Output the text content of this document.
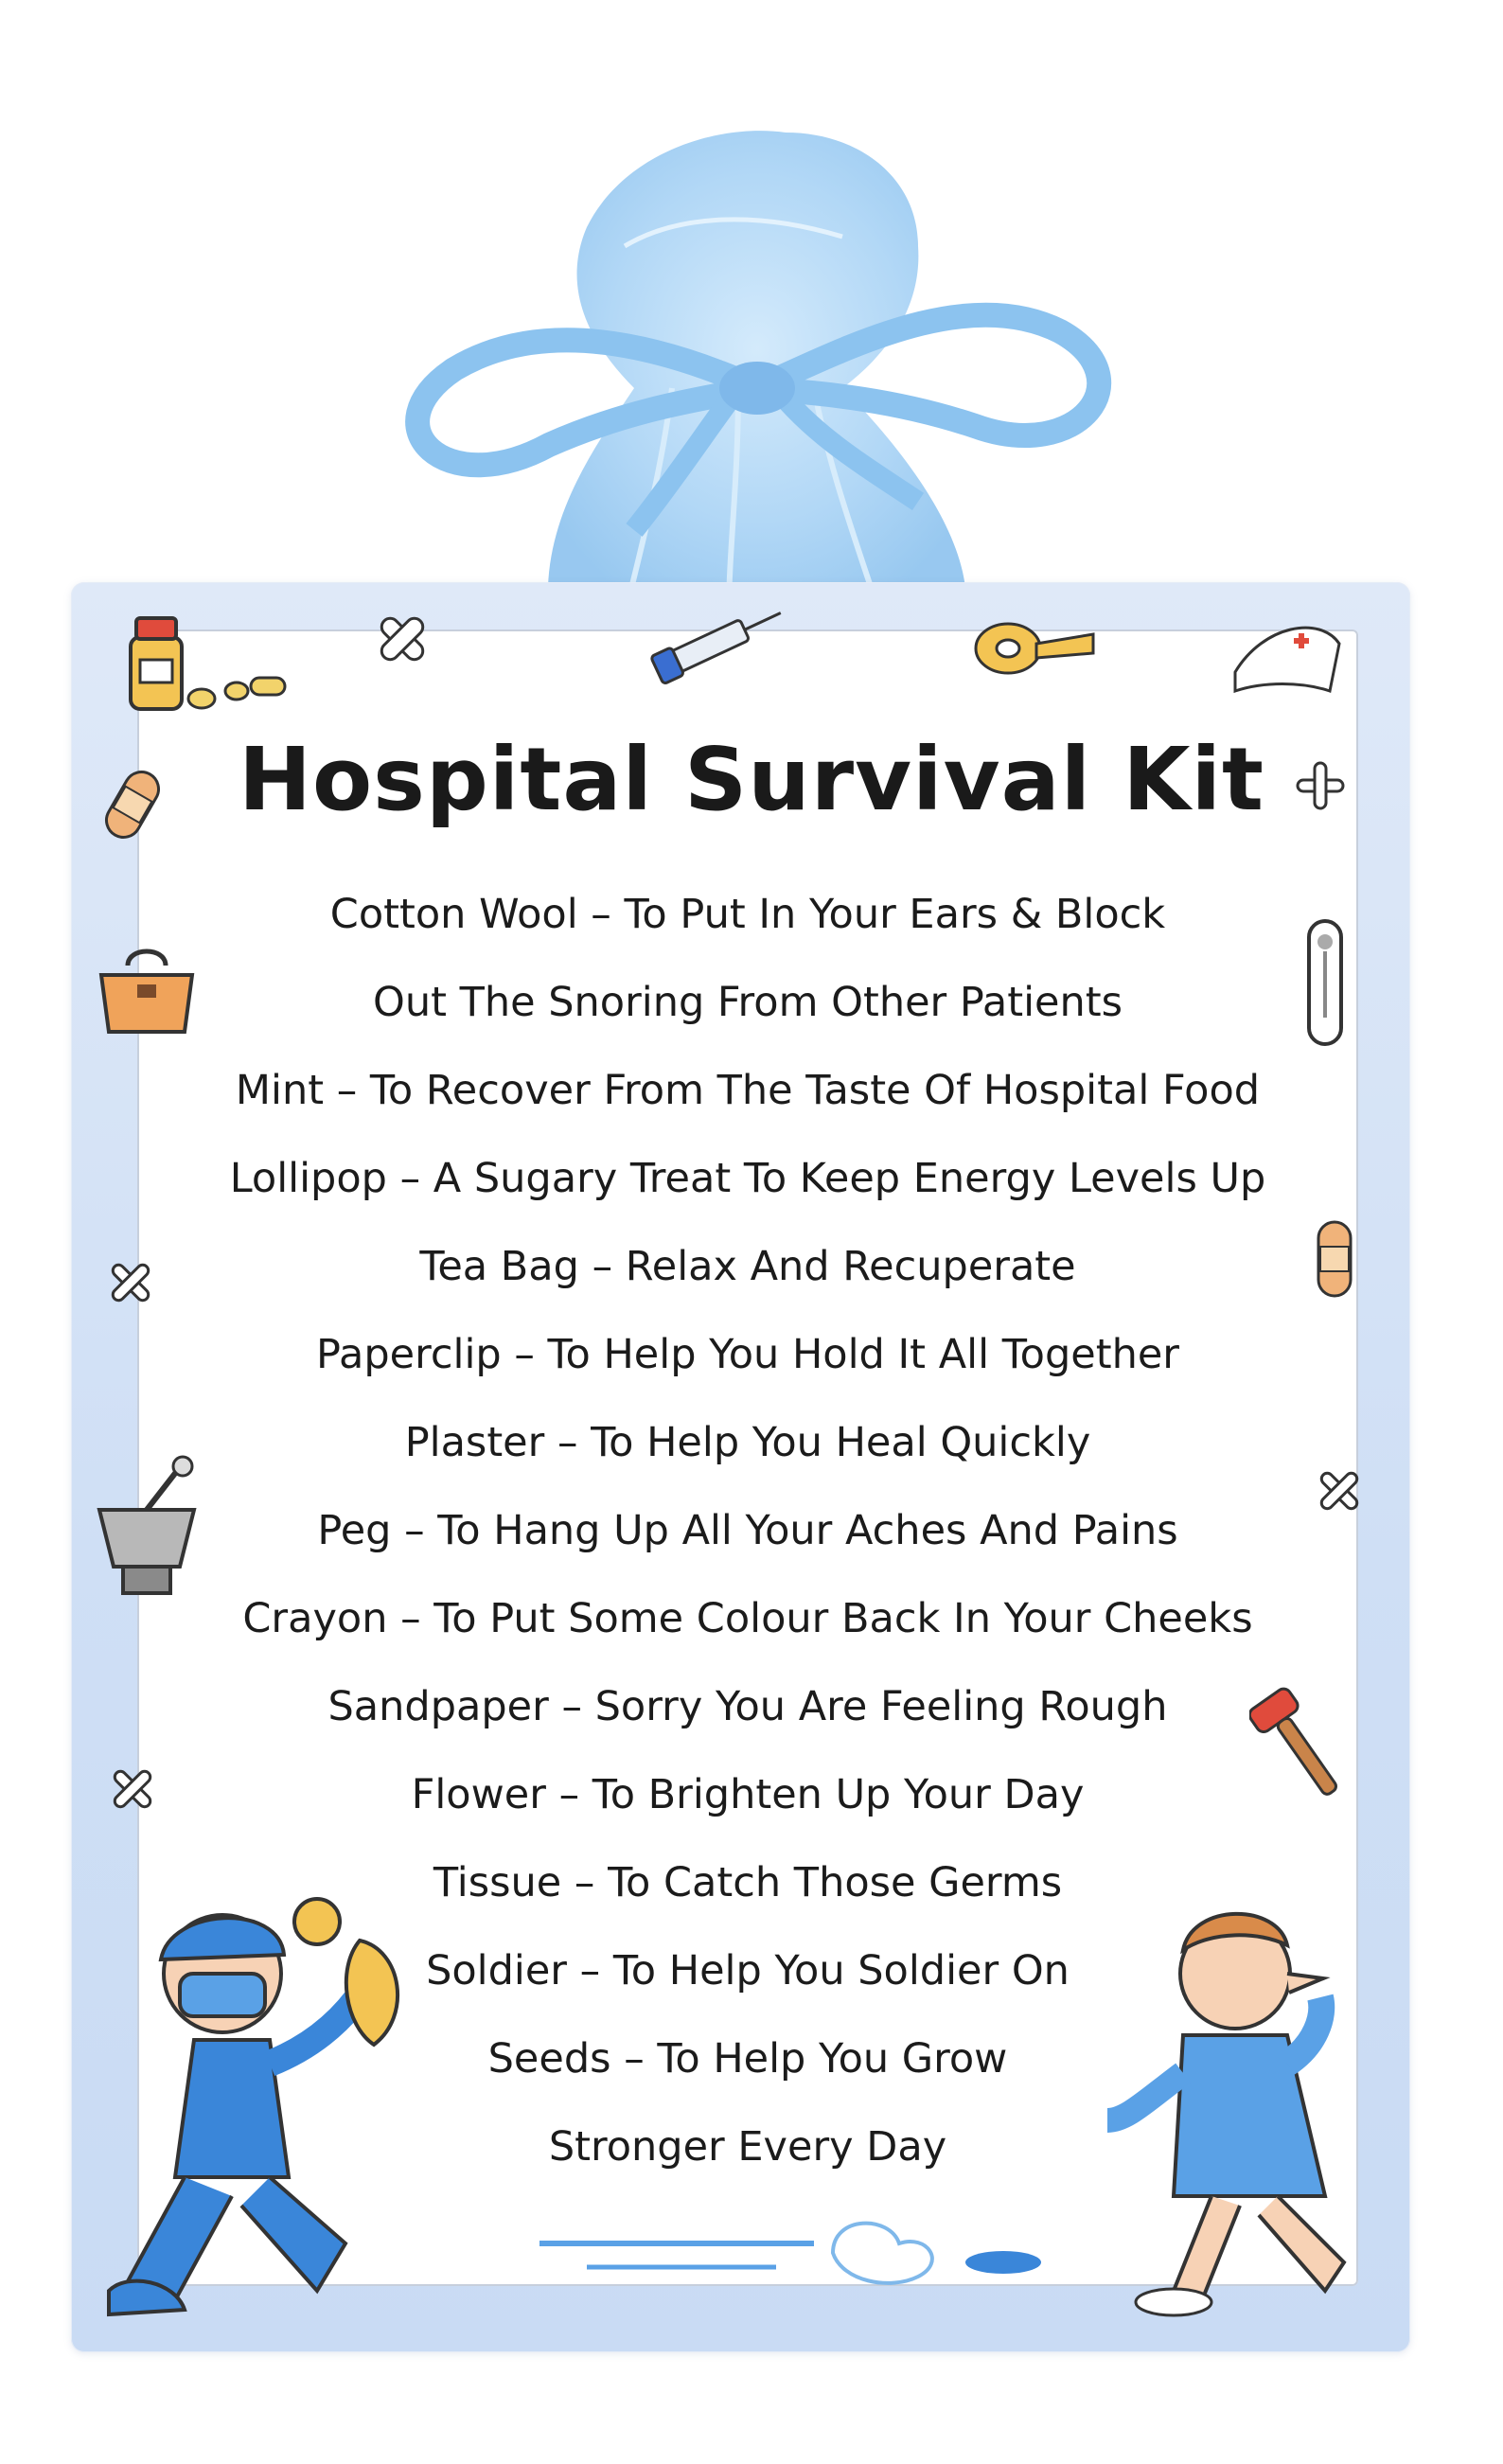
Hospital Survival Kit
Cotton Wool – To Put In Your Ears & Block
Out The Snoring From Other Patients
Mint – To Recover From The Taste Of Hospital Food
Lollipop – A Sugary Treat To Keep Energy Levels Up
Tea Bag – Relax And Recuperate
Paperclip – To Help You Hold It All Together
Plaster – To Help You Heal Quickly
Peg – To Hang Up All Your Aches And Pains
Crayon – To Put Some Colour Back In Your Cheeks
Sandpaper – Sorry You Are Feeling Rough
Flower – To Brighten Up Your Day
Tissue – To Catch Those Germs
Soldier – To Help You Soldier On
Seeds – To Help You Grow
Stronger Every Day
